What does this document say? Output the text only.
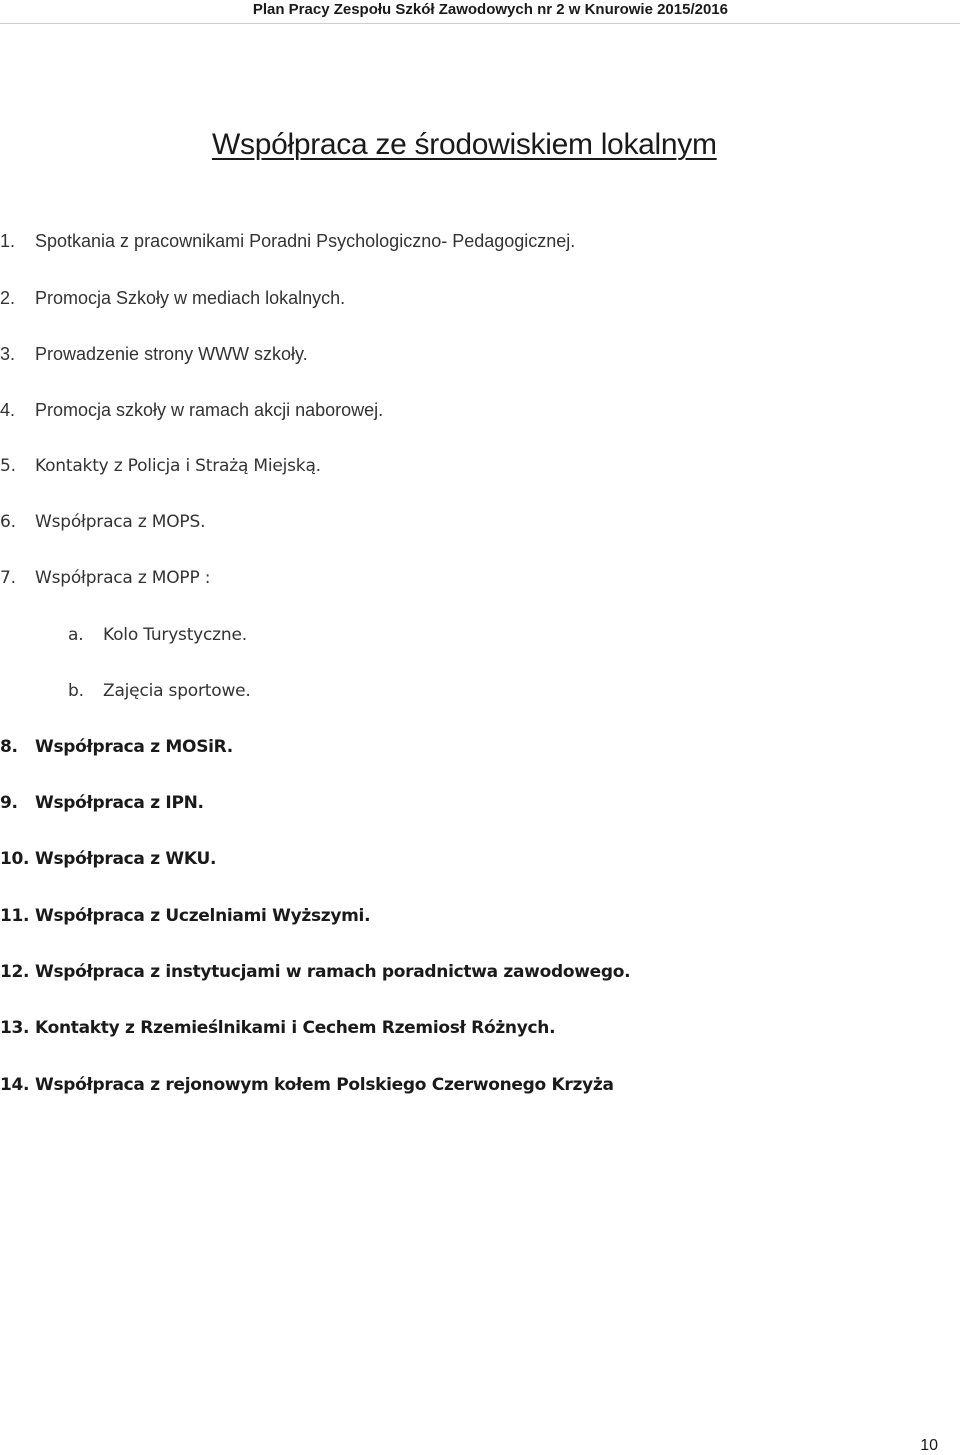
Plan Pracy Zespołu Szkół Zawodowych nr 2 w Knurowie 2015/2016
Współpraca ze środowiskiem lokalnym
1. Spotkania z pracownikami Poradni Psychologiczno- Pedagogicznej.
2. Promocja Szkoły w mediach lokalnych.
3. Prowadzenie strony WWW szkoły.
4. Promocja szkoły w ramach akcji naborowej.
5. Kontakty z Policja i Strażą Miejską.
6. Współpraca z MOPS.
7. Współpraca z MOPP :
a. Kolo Turystyczne.
b. Zajęcia sportowe.
8. Współpraca z MOSiR.
9. Współpraca z IPN.
10. Współpraca z WKU.
11. Współpraca z Uczelniami Wyższymi.
12. Współpraca z instytucjami w ramach poradnictwa zawodowego.
13. Kontakty z Rzemieślnikami i Cechem Rzemiosł Różnych.
14. Współpraca z rejonowym kołem Polskiego Czerwonego Krzyża
10
